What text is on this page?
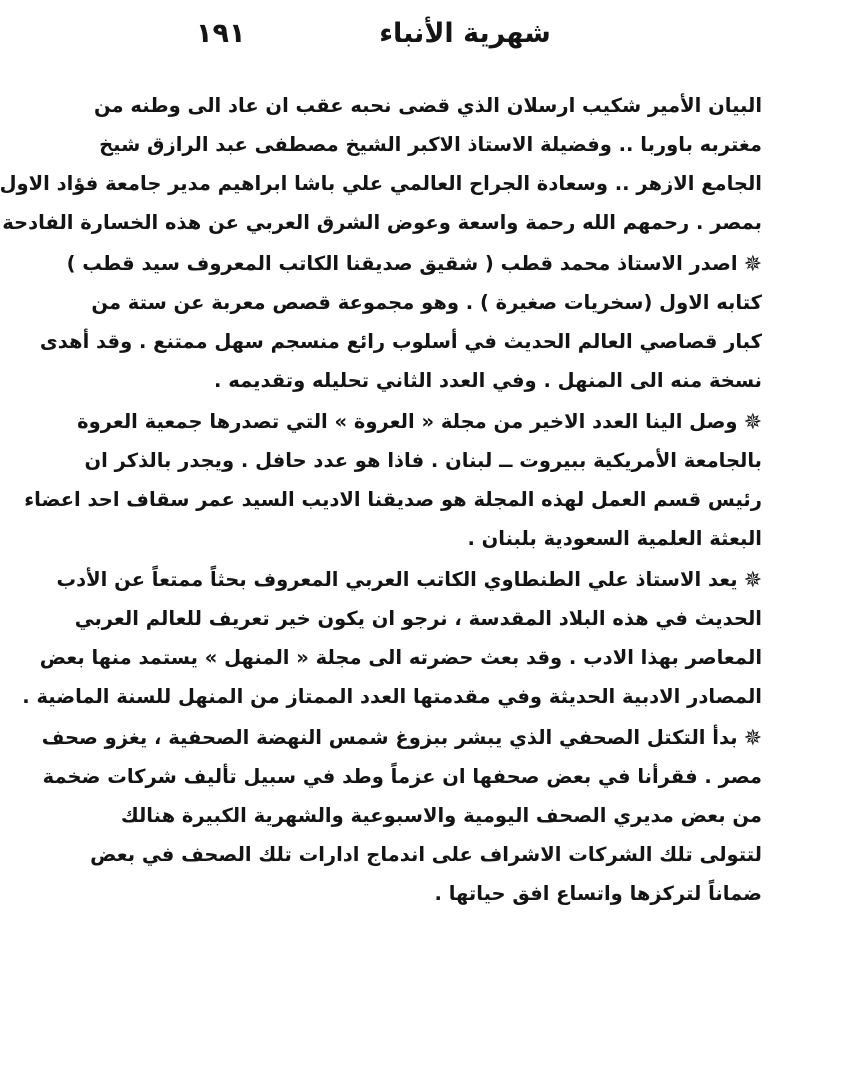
شهرية الأنباء
١٩١
البيان الأمير شكيب ارسلان الذي قضى نحبه عقب ان عاد الى وطنه من
مغتربه باوربا .. وفضيلة الاستاذ الاكبر الشيخ مصطفى عبد الرازق شيخ
الجامع الازهر .. وسعادة الجراح العالمي علي باشا ابراهيم مدير جامعة فؤاد الاول
بمصر . رحمهم الله رحمة واسعة وعوض الشرق العربي عن هذه الخسارة الفادحة
✵اصدر الاستاذ محمد قطب ( شقيق صديقنا الكاتب المعروف سيد قطب )
كتابه الاول (سخريات صغيرة ) . وهو مجموعة قصص معربة عن ستة من
كبار قصاصي العالم الحديث في أسلوب رائع منسجم سهل ممتنع . وقد أهدى
نسخة منه الى المنهل . وفي العدد الثاني تحليله وتقديمه .
✵وصل الينا العدد الاخير من مجلة « العروة » التي تصدرها جمعية العروة
بالجامعة الأمريكية ببيروت ــ لبنان . فاذا هو عدد حافل . ويجدر بالذكر ان
رئيس قسم العمل لهذه المجلة هو صديقنا الاديب السيد عمر سقاف احد اعضاء
البعثة العلمية السعودية بلبنان .
✵يعد الاستاذ علي الطنطاوي الكاتب العربي المعروف بحثاً ممتعاً عن الأدب
الحديث في هذه البلاد المقدسة ، نرجو ان يكون خير تعريف للعالم العربي
المعاصر بهذا الادب . وقد بعث حضرته الى مجلة « المنهل » يستمد منها بعض
المصادر الادبية الحديثة وفي مقدمتها العدد الممتاز من المنهل للسنة الماضية .
✵بدأ التكتل الصحفي الذي يبشر ببزوغ شمس النهضة الصحفية ، يغزو صحف
مصر . فقرأنا في بعض صحفها ان عزماً وطد في سبيل تأليف شركات ضخمة
من بعض مديري الصحف اليومية والاسبوعية والشهرية الكبيرة هنالك
لتتولى تلك الشركات الاشراف على اندماج ادارات تلك الصحف في بعض
ضماناً لتركزها واتساع افق حياتها .
